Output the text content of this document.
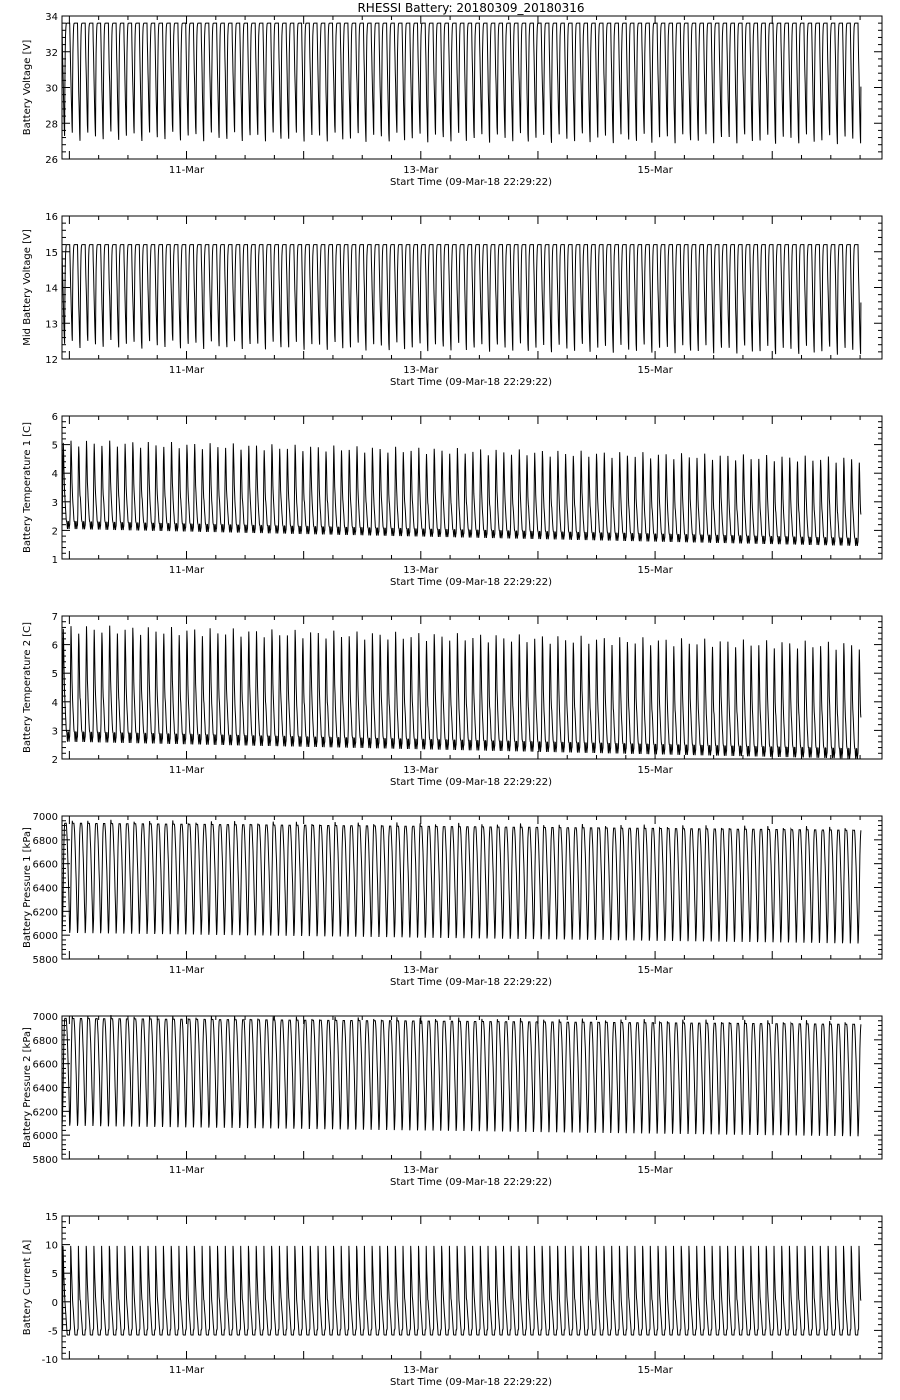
RHESSI Battery: 20180309_20180316
26
28
30
32
34
11-Mar	13-Mar	15-Mar
Start Time (09-Mar-18 22:29:22)
Battery Voltage [V]
12
13
14
15
16
11-Mar	13-Mar	15-Mar
Start Time (09-Mar-18 22:29:22)
Mid Battery Voltage [V]
1
2
3
4
5
6
11-Mar	13-Mar	15-Mar
Start Time (09-Mar-18 22:29:22)
Battery Temperature 1 [C]
2
3
4
5
6
7
11-Mar	13-Mar	15-Mar
Start Time (09-Mar-18 22:29:22)
Battery Temperature 2 [C]
5800
6000
6200
6400
6600
6800
7000
11-Mar	13-Mar	15-Mar
Start Time (09-Mar-18 22:29:22)
Battery Pressure 1 [kPa]
5800
6000
6200
6400
6600
6800
7000
11-Mar	13-Mar	15-Mar
Start Time (09-Mar-18 22:29:22)
Battery Pressure 2 [kPa]
-10
-5
0
5
10
15
11-Mar	13-Mar	15-Mar
Start Time (09-Mar-18 22:29:22)
Battery Current [A]
